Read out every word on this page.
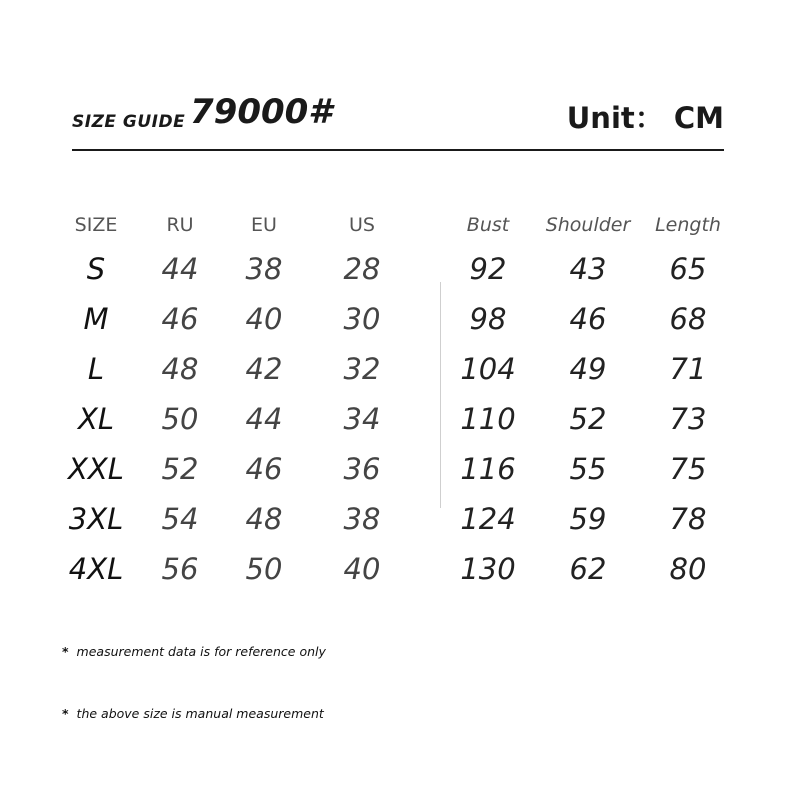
SIZE GUIDE 79000#	Unit： CM
SIZE	RU	EU	US	Bust Shoulder Length
S 44 38 28	92 43 65
M 46 40 30	98 46 68
L 48 42 32	104 49 71
XL 50 44 34	110 52 73
XXL 52 46 36	116 55 75
3XL 54 48 38	124 59 78
4XL 56 50 40	130 62 80
* measurement data is for reference only
* the above size is manual measurement
